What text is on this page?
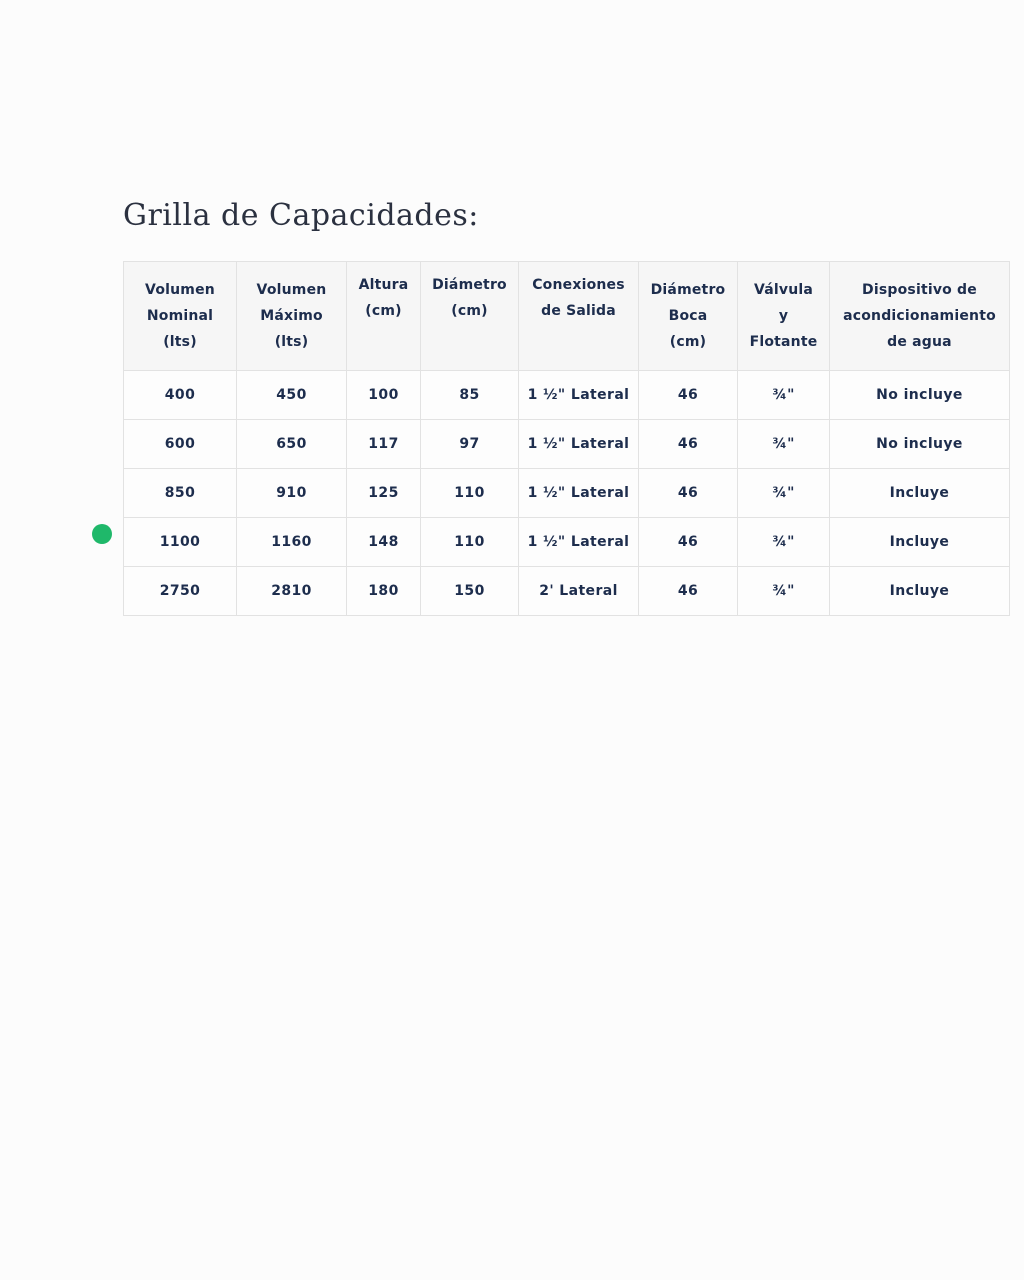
Grilla de Capacidades:
Volumen
Nominal
(lts)	Volumen
Máximo
(lts)	Altura
(cm)	Diámetro
(cm)	Conexiones
de Salida	Diámetro
Boca
(cm)	Válvula
y
Flotante	Dispositivo de
acondicionamiento
de agua

400	450	100	85	1 ½" Lateral	46	¾"	No incluye
600	650	117	97	1 ½" Lateral	46	¾"	No incluye
850	910	125	110	1 ½" Lateral	46	¾"	Incluye
1100	1160	148	110	1 ½" Lateral	46	¾"	Incluye
2750	2810	180	150	2' Lateral	46	¾"	Incluye
